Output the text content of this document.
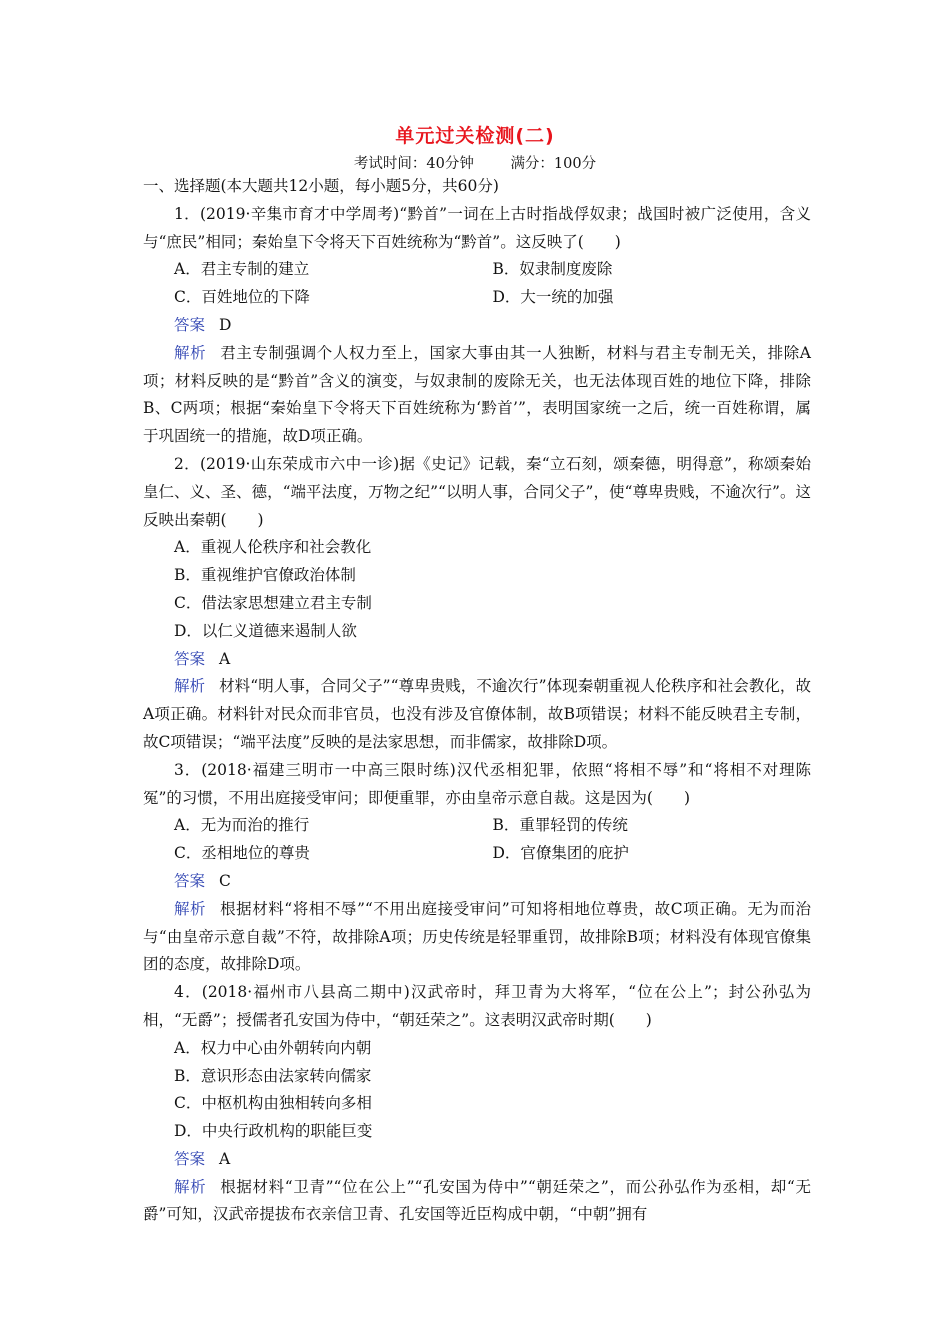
单元过关检测(二)
考试时间：40分钟	满分：100分
一、选择题(本大题共12小题，每小题5分，共60分)
1．(2019·辛集市育才中学周考)“黔首”一词在上古时指战俘奴隶；战国时被广泛使用，含义与“庶民”相同；秦始皇下令将天下百姓统称为“黔首”。这反映了(　　)
A．君主专制的建立	B．奴隶制度废除
C．百姓地位的下降	D．大一统的加强
答案 D
解析 君主专制强调个人权力至上，国家大事由其一人独断，材料与君主专制无关，排除A项；材料反映的是“黔首”含义的演变，与奴隶制的废除无关，也无法体现百姓的地位下降，排除B、C两项；根据“秦始皇下令将天下百姓统称为‘黔首’”，表明国家统一之后，统一百姓称谓，属于巩固统一的措施，故D项正确。
2．(2019·山东荣成市六中一诊)据《史记》记载，秦“立石刻，颂秦德，明得意”，称颂秦始皇仁、义、圣、德，“端平法度，万物之纪”“以明人事，合同父子”，使“尊卑贵贱，不逾次行”。这反映出秦朝(　　)
A．重视人伦秩序和社会教化
B．重视维护官僚政治体制
C．借法家思想建立君主专制
D．以仁义道德来遏制人欲
答案 A
解析 材料“明人事，合同父子”“尊卑贵贱，不逾次行”体现秦朝重视人伦秩序和社会教化，故A项正确。材料针对民众而非官员，也没有涉及官僚体制，故B项错误；材料不能反映君主专制，故C项错误；“端平法度”反映的是法家思想，而非儒家，故排除D项。
3．(2018·福建三明市一中高三限时练)汉代丞相犯罪，依照“将相不辱”和“将相不对理陈冤”的习惯，不用出庭接受审问；即便重罪，亦由皇帝示意自裁。这是因为(　　)
A．无为而治的推行	B．重罪轻罚的传统
C．丞相地位的尊贵	D．官僚集团的庇护
答案 C
解析 根据材料“将相不辱”“不用出庭接受审问”可知将相地位尊贵，故C项正确。无为而治与“由皇帝示意自裁”不符，故排除A项；历史传统是轻罪重罚，故排除B项；材料没有体现官僚集团的态度，故排除D项。
4．(2018·福州市八县高二期中)汉武帝时，拜卫青为大将军，“位在公上”；封公孙弘为相，“无爵”；授儒者孔安国为侍中，“朝廷荣之”。这表明汉武帝时期(　　)
A．权力中心由外朝转向内朝
B．意识形态由法家转向儒家
C．中枢机构由独相转向多相
D．中央行政机构的职能巨变
答案 A
解析 根据材料“卫青”“位在公上”“孔安国为侍中”“朝廷荣之”，而公孙弘作为丞相，却“无爵”可知，汉武帝提拔布衣亲信卫青、孔安国等近臣构成中朝，“中朝”拥有
